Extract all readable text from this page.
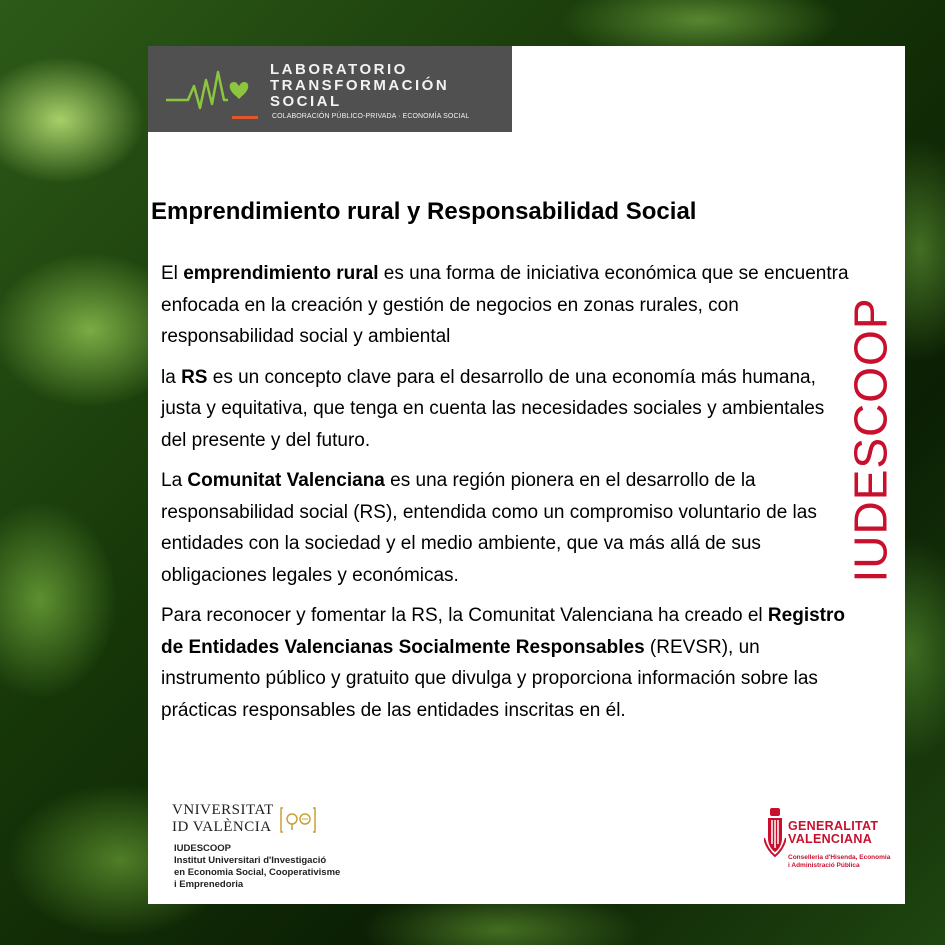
LABORATORIO
TRANSFORMACIÓN
SOCIAL
COLABORACIÓN PÚBLICO-PRIVADA · ECONOMÍA SOCIAL
Emprendimiento rural y Responsabilidad Social

El emprendimiento rural es una forma de iniciativa económica que se encuentra enfocada en la creación y gestión de negocios en zonas rurales, con responsabilidad social y ambiental

la RS es un concepto clave para el desarrollo de una economía más humana, justa y equitativa, que tenga en cuenta las necesidades sociales y ambientales del presente y del futuro.

La Comunitat Valenciana es una región pionera en el desarrollo de la responsabilidad social (RS), entendida como un compromiso voluntario de las entidades con la sociedad y el medio ambiente, que va más allá de sus obligaciones legales y económicas.

Para reconocer y fomentar la RS, la Comunitat Valenciana ha creado el Registro de Entidades Valencianas Socialmente Responsables (REVSR), un instrumento público y gratuito que divulga y proporciona información sobre las prácticas responsables de las entidades inscritas en él.

IUDESCOOP
VNIVERSITAT
ID VALÈNCIA
IUDESCOOP
Institut Universitari d'Investigació
en Economia Social, Cooperativisme
i Emprenedoria
GENERALITAT
VALENCIANA
Conselleria d'Hisenda, Economia
i Administració Pública
